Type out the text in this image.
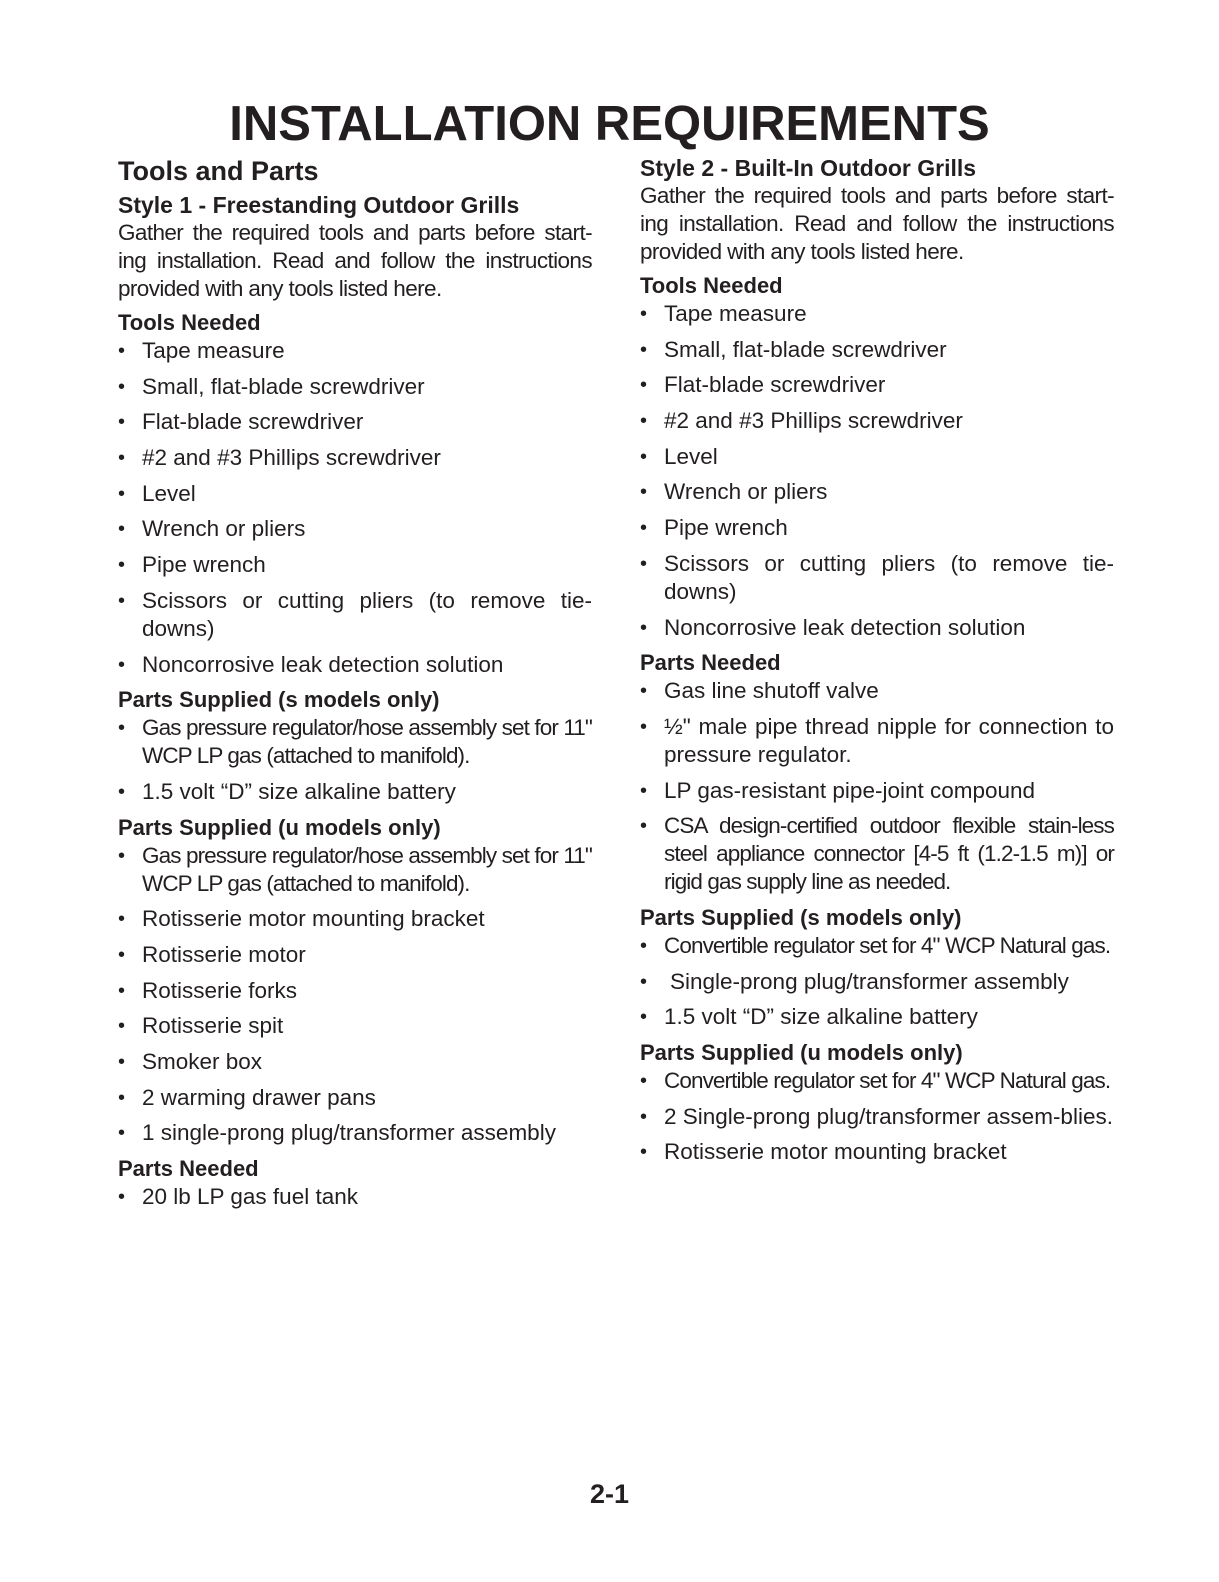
INSTALLATION REQUIREMENTS
Tools and Parts
Style 1 - Freestanding Outdoor Grills

Gather the required tools and parts before start-ing installation. Read and follow the instructions provided with any tools listed here.

Tools Needed
• Tape measure
• Small, flat-blade screwdriver
• Flat-blade screwdriver
• #2 and #3 Phillips screwdriver
• Level
• Wrench or pliers
• Pipe wrench
• Scissors or cutting pliers (to remove tie-downs)
• Noncorrosive leak detection solution
Parts Supplied (s models only)
• Gas pressure regulator/hose assembly set for 11" WCP LP gas (attached to manifold).
• 1.5 volt “D” size alkaline battery
Parts Supplied (u models only)
• Gas pressure regulator/hose assembly set for 11" WCP LP gas (attached to manifold).
• Rotisserie motor mounting bracket
• Rotisserie motor
• Rotisserie forks
• Rotisserie spit
• Smoker box
• 2 warming drawer pans
• 1 single-prong plug/transformer assembly
Parts Needed
• 20 lb LP gas fuel tank
Style 2 - Built-In Outdoor Grills

Gather the required tools and parts before start-ing installation. Read and follow the instructions provided with any tools listed here.

Tools Needed
• Tape measure
• Small, flat-blade screwdriver
• Flat-blade screwdriver
• #2 and #3 Phillips screwdriver
• Level
• Wrench or pliers
• Pipe wrench
• Scissors or cutting pliers (to remove tie-downs)
• Noncorrosive leak detection solution
Parts Needed
• Gas line shutoff valve
• ½" male pipe thread nipple for connection to pressure regulator.
• LP gas-resistant pipe-joint compound
• CSA design-certified outdoor flexible stain-less steel appliance connector [4-5 ft (1.2-1.5 m)] or rigid gas supply line as needed.
Parts Supplied (s models only)
• Convertible regulator set for 4" WCP Natural gas.
• Single-prong plug/transformer assembly
• 1.5 volt “D” size alkaline battery
Parts Supplied (u models only)
• Convertible regulator set for 4" WCP Natural gas.
• 2 Single-prong plug/transformer assem-blies.
• Rotisserie motor mounting bracket
2-1
